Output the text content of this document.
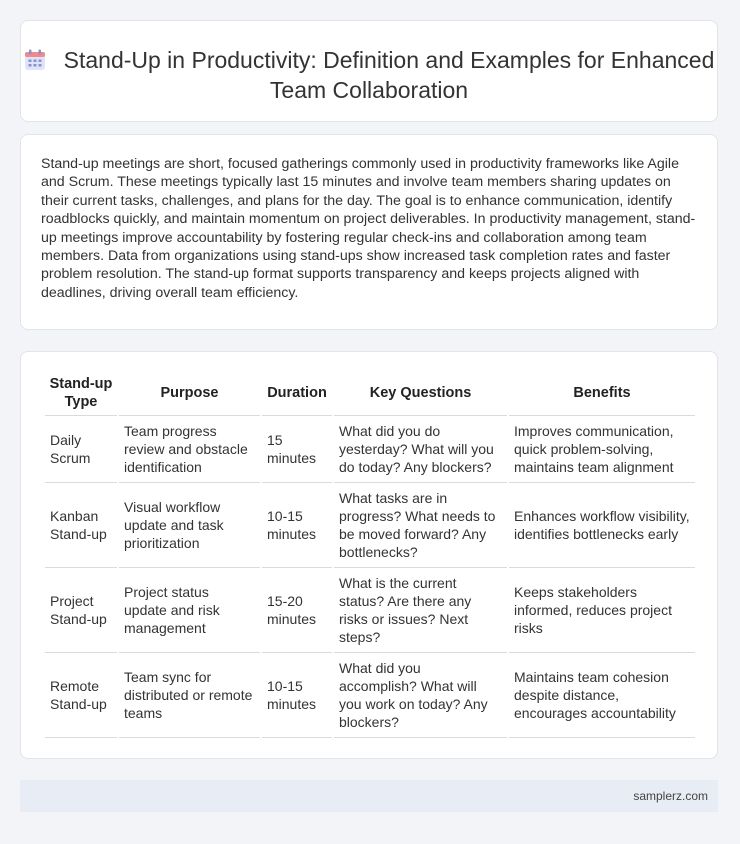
Stand-Up in Productivity: Definition and Examples for Enhanced Team Collaboration
Stand-up meetings are short, focused gatherings commonly used in productivity frameworks like Agile and Scrum. These meetings typically last 15 minutes and involve team members sharing updates on their current tasks, challenges, and plans for the day. The goal is to enhance communication, identify roadblocks quickly, and maintain momentum on project deliverables. In productivity management, stand-up meetings improve accountability by fostering regular check-ins and collaboration among team members. Data from organizations using stand-ups show increased task completion rates and faster problem resolution. The stand-up format supports transparency and keeps projects aligned with deadlines, driving overall team efficiency.
Stand-up Type	Purpose	Duration	Key Questions	Benefits
Daily Scrum	Team progress review and obstacle identification	15 minutes	What did you do yesterday? What will you do today? Any blockers?	Improves communication, quick problem-solving, maintains team alignment
Kanban Stand-up	Visual workflow update and task prioritization	10-15 minutes	What tasks are in progress? What needs to be moved forward? Any bottlenecks?	Enhances workflow visibility, identifies bottlenecks early
Project Stand-up	Project status update and risk management	15-20 minutes	What is the current status? Are there any risks or issues? Next steps?	Keeps stakeholders informed, reduces project risks
Remote Stand-up	Team sync for distributed or remote teams	10-15 minutes	What did you accomplish? What will you work on today? Any blockers?	Maintains team cohesion despite distance, encourages accountability
samplerz.com
